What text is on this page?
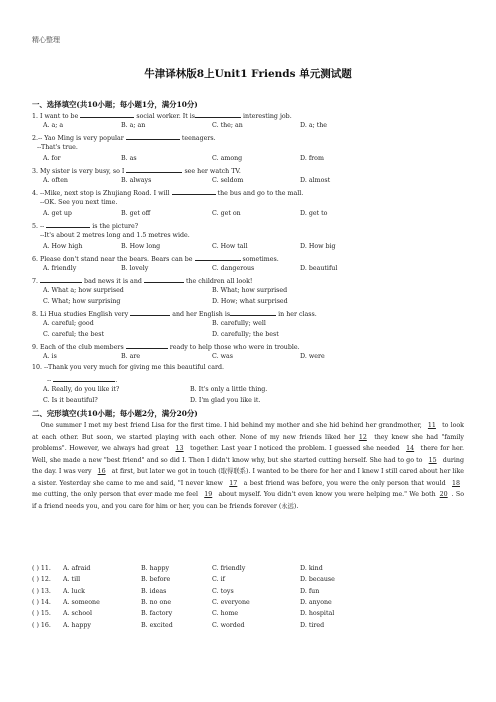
精心整理
牛津译林版8上Unit1 Friends 单元测试题
一、选择填空(共10小题；每小题1分，满分10分)
1. I want to be	social worker. It is	interesting job.
A. a; a	B. a; an	C. the; an	D. a; the
2.-- Yao Ming is very popular	teenagers.
--That's true.
A. for	B. as	C. among	D. from
3. My sister is very busy, so I	see her watch TV.
A. often	B. always	C. seldom	D. almost
4. --Mike, next stop is Zhujiang Road. I will	the bus and go to the mall.
--OK. See you next time.
A. get up	B. get off	C. get on	D. get to
5. --	is the picture?
--It's about 2 metres long and 1.5 metres wide.
A. How high	B. How long	C. How tall	D. How big
6. Please don't stand near the bears. Bears can be	sometimes.
A. friendly	B. lovely	C. dangerous	D. beautiful
7.	bad news it is and	the children all look!
A. What a; how surprised	B. What; how surprised
C. What; how surprising	D. How; what surprised
8. Li Hua studies English very	and her English is	in her class.
A. careful; good	B. carefully; well
C. careful; the best	D. carefully; the best
9. Each of the club members	ready to help those who were in trouble.
A. is	B. are	C. was	D. were
10. --Thank you very much for giving me this beautiful card.
--	.
A. Really, do you like it?	B. It's only a little thing.
C. Is it beautiful?	D. I'm glad you like it.
二、完形填空(共10小题；每小题2分，满分20分)
One summer I met my best friend Lisa for the first time. I hid behind my mother and she hid behind her grandmother, 11 to look at each other. But soon, we started playing with each other. None of my new friends liked her 12 they knew she had "family problems". However, we always had great 13 together. Last year I noticed the problem. I guessed she needed 14 there for her. Well, she made a new "best friend" and so did I. Then I didn't know why, but she started cutting herself. She had to go to 15 during the day. I was very 16 at first, but later we got in touch (取得联系). I wanted to be there for her and I knew I still cared about her like a sister. Yesterday she came to me and said, "I never knew 17 a best friend was before, you were the only person that would 18 me cutting, the only person that ever made me feel 19 about myself. You didn't even know you were helping me." We both 20 . So if a friend needs you, and you care for him or her, you can be friends forever (永远).
( ) 11. A. afraid	B. happy	C. friendly	D. kind
( ) 12. A. till	B. before	C. if	D. because
( ) 13. A. luck	B. ideas	C. toys	D. fun
( ) 14. A. someone	B. no one	C. everyone	D. anyone
( ) 15. A. school	B. factory	C. home	D. hospital
( ) 16. A. happy	B. excited	C. worded	D. tired
